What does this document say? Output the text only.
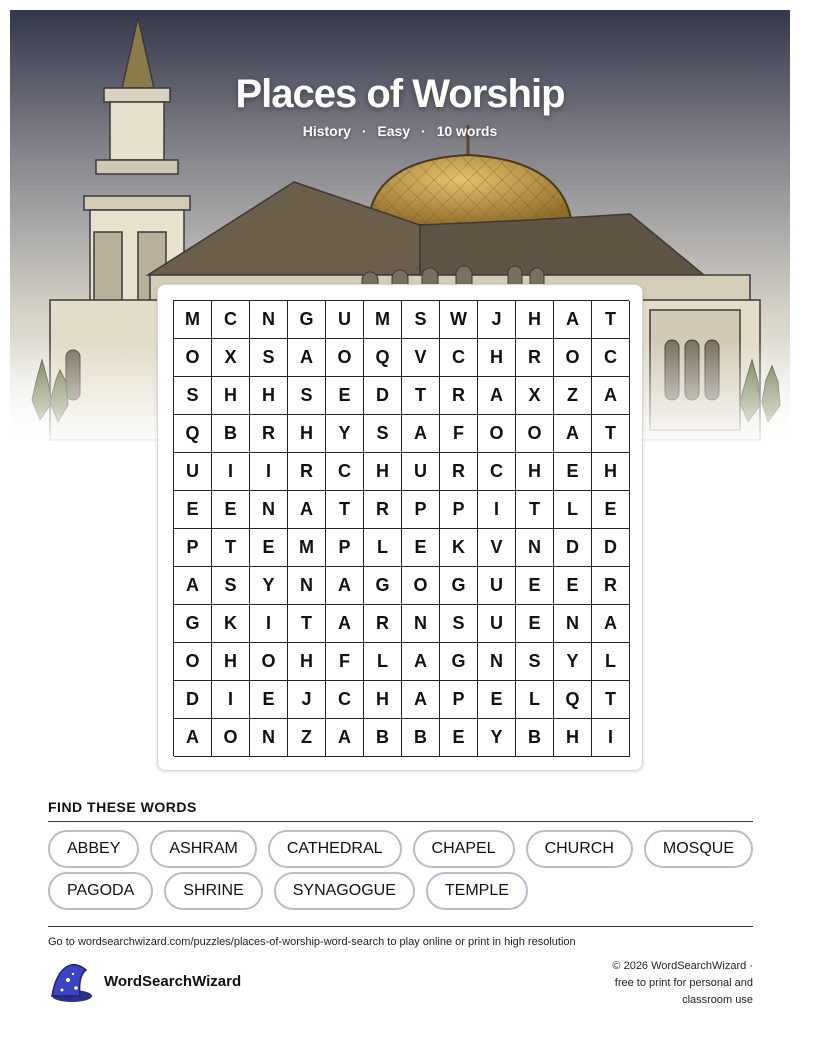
Places of Worship
History · Easy · 10 words
M	C	N	G	U	M	S	W	J	H	A	T
O	X	S	A	O	Q	V	C	H	R	O	C
S	H	H	S	E	D	T	R	A	X	Z	A
Q	B	R	H	Y	S	A	F	O	O	A	T
U	I	I	R	C	H	U	R	C	H	E	H
E	E	N	A	T	R	P	P	I	T	L	E
P	T	E	M	P	L	E	K	V	N	D	D
A	S	Y	N	A	G	O	G	U	E	E	R
G	K	I	T	A	R	N	S	U	E	N	A
O	H	O	H	F	L	A	G	N	S	Y	L
D	I	E	J	C	H	A	P	E	L	Q	T
A	O	N	Z	A	B	B	E	Y	B	H	I
FIND THESE WORDS
ABBEY	ASHRAM	CATHEDRAL	CHAPEL	CHURCH	MOSQUE
PAGODA	SHRINE	SYNAGOGUE	TEMPLE
Go to wordsearchwizard.com/puzzles/places-of-worship-word-search to play online or print in high resolution
WordSearchWizard
© 2026 WordSearchWizard ·
free to print for personal and
classroom use
